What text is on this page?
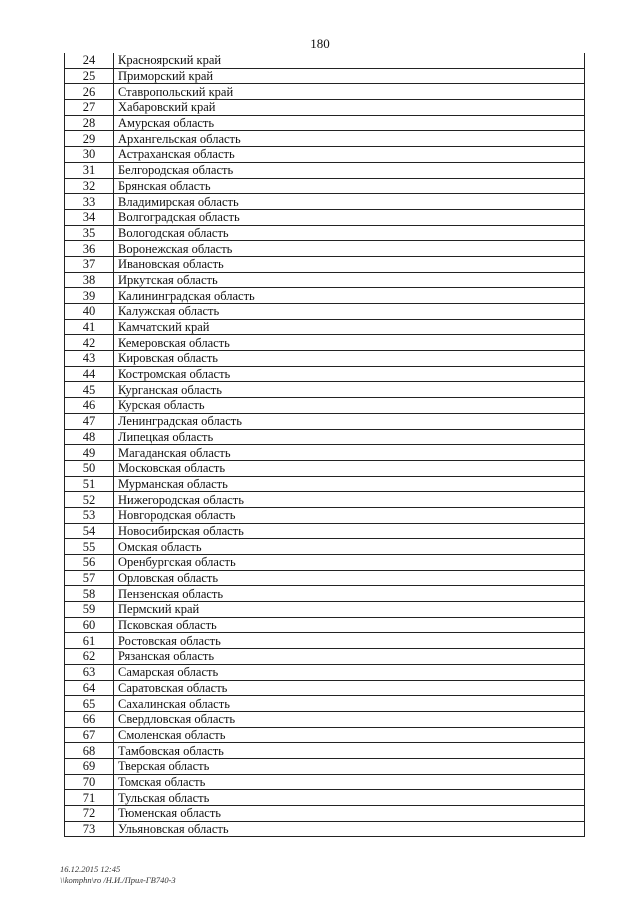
180
24	Красноярский край
25	Приморский край
26	Ставропольский край
27	Хабаровский край
28	Амурская область
29	Архангельская область
30	Астраханская область
31	Белгородская область
32	Брянская область
33	Владимирская область
34	Волгоградская область
35	Вологодская область
36	Воронежская область
37	Ивановская область
38	Иркутская область
39	Калининградская область
40	Калужская область
41	Камчатский край
42	Кемеровская область
43	Кировская область
44	Костромская область
45	Курганская область
46	Курская область
47	Ленинградская область
48	Липецкая область
49	Магаданская область
50	Московская область
51	Мурманская область
52	Нижегородская область
53	Новгородская область
54	Новосибирская область
55	Омская область
56	Оренбургская область
57	Орловская область
58	Пензенская область
59	Пермский край
60	Псковская область
61	Ростовская область
62	Рязанская область
63	Самарская область
64	Саратовская область
65	Сахалинская область
66	Свердловская область
67	Смоленская область
68	Тамбовская область
69	Тверская область
70	Томская область
71	Тульская область
72	Тюменская область
73	Ульяновская область
16.12.2015 12:45
\\komphn\ro /Н.И./Прил-ГВ740-3
